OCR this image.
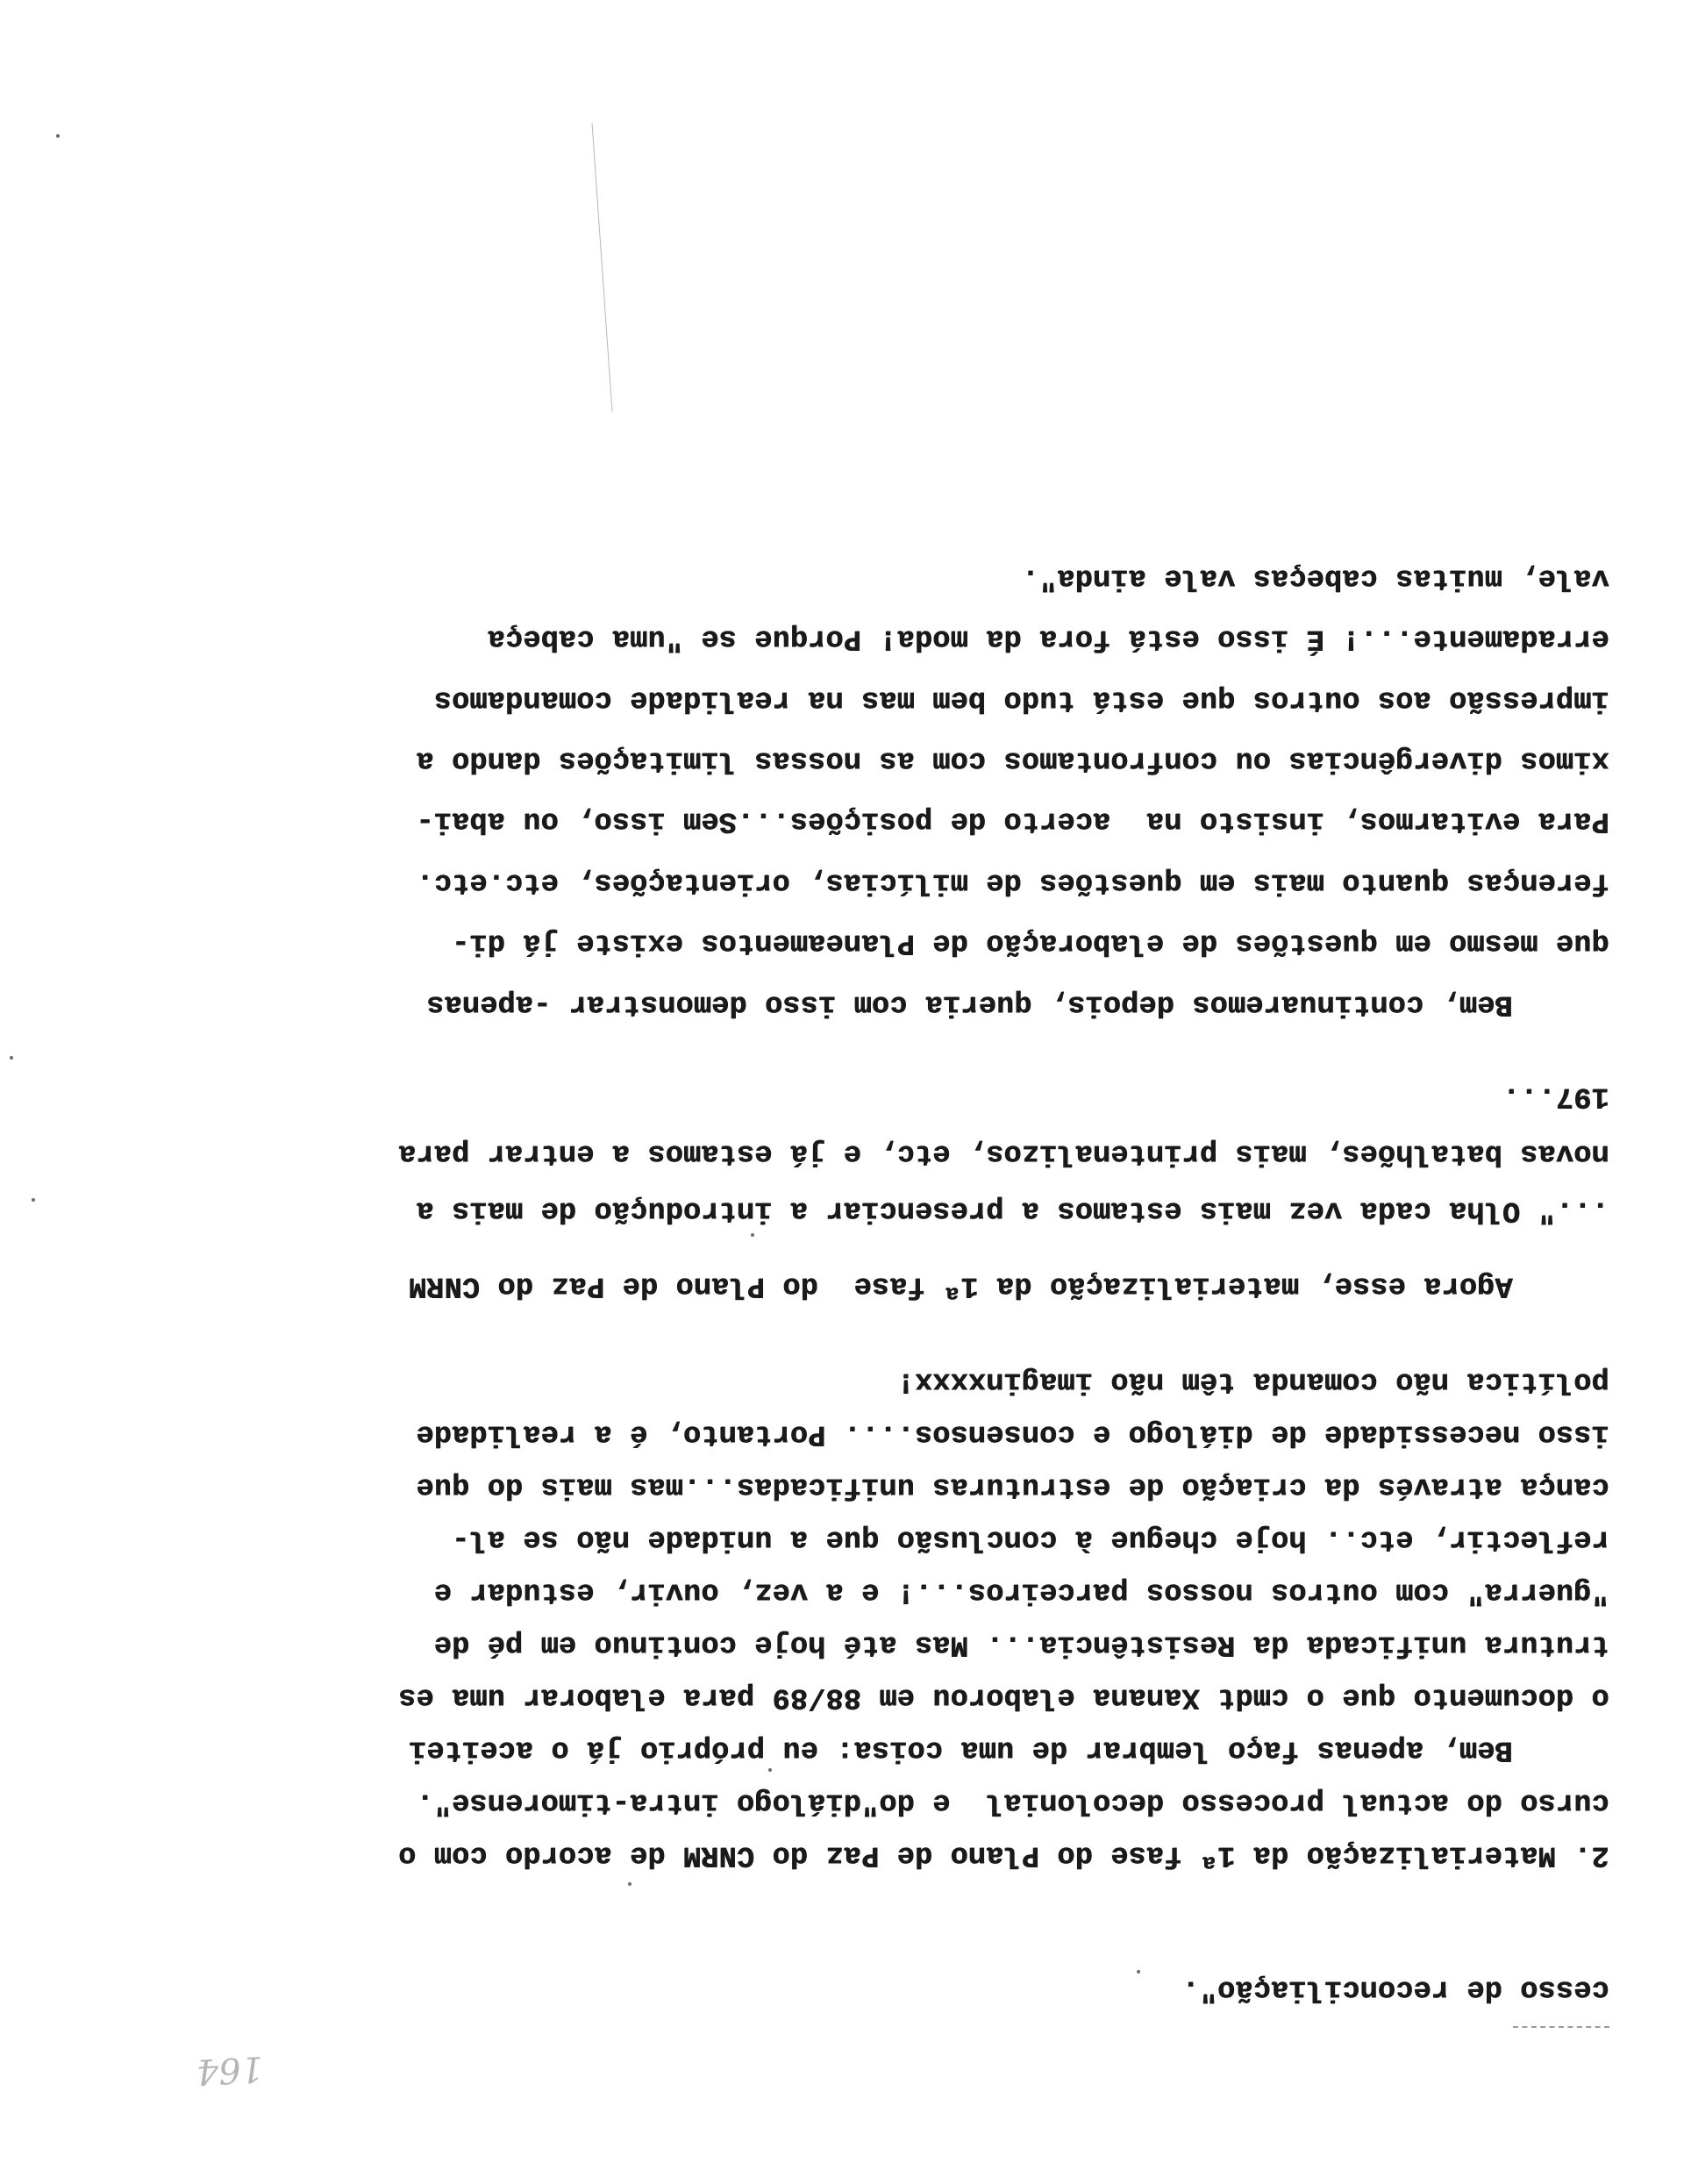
cesso de reconciliação".
2. Materialização da 1ª fase do Plano de Paz do CNRM de acordo com o
curso do actual processo decolonial  e do"diálogo intra-timorense".
Bem, apenas faço lembrar de uma coisa: eu próprio já o aceitei
o documento que o cmdt Xanana elaborou em 88/89 para elaborar uma es
trutura unificada da Resistência... Mas até hoje continuo em pé de
"guerra" com outros nossos parceiros...! e a vez, ouvir, estudar e
reflectir, etc.. hoje chegue à conclusão que a unidade não se al-
cança através da criação de estruturas unificadas...mas mais do que
isso necessidade de diálogo e consensos.... Portanto, é a realidade
política não comanda têm não imaginxxxx!
Agora esse, materialização da 1ª fase  do Plano de Paz do CNRM
..." Olha cada vez mais estamos a presenciar a introdução de mais a
novas batalhões, mais printenalizos, etc, e já estamos a entrar para
197...
Bem, continuaremos depois, queria com isso demonstrar -apenas
que mesmo em questões de elaboração de Planeamentos existe já di-
ferenças quanto mais em questões de milícias, orientações, etc.etc.
Para evitarmos, insisto na  acerto de posições...Sem isso, ou abai-
ximos divergências ou confrontamos com as nossas limitações dando a
impressão aos outros que está tudo bem mas na realidade comandamos
erradamente...! É isso está fora da moda! Porque se "uma cabeça
vale, muitas cabeças vale ainda".
164
